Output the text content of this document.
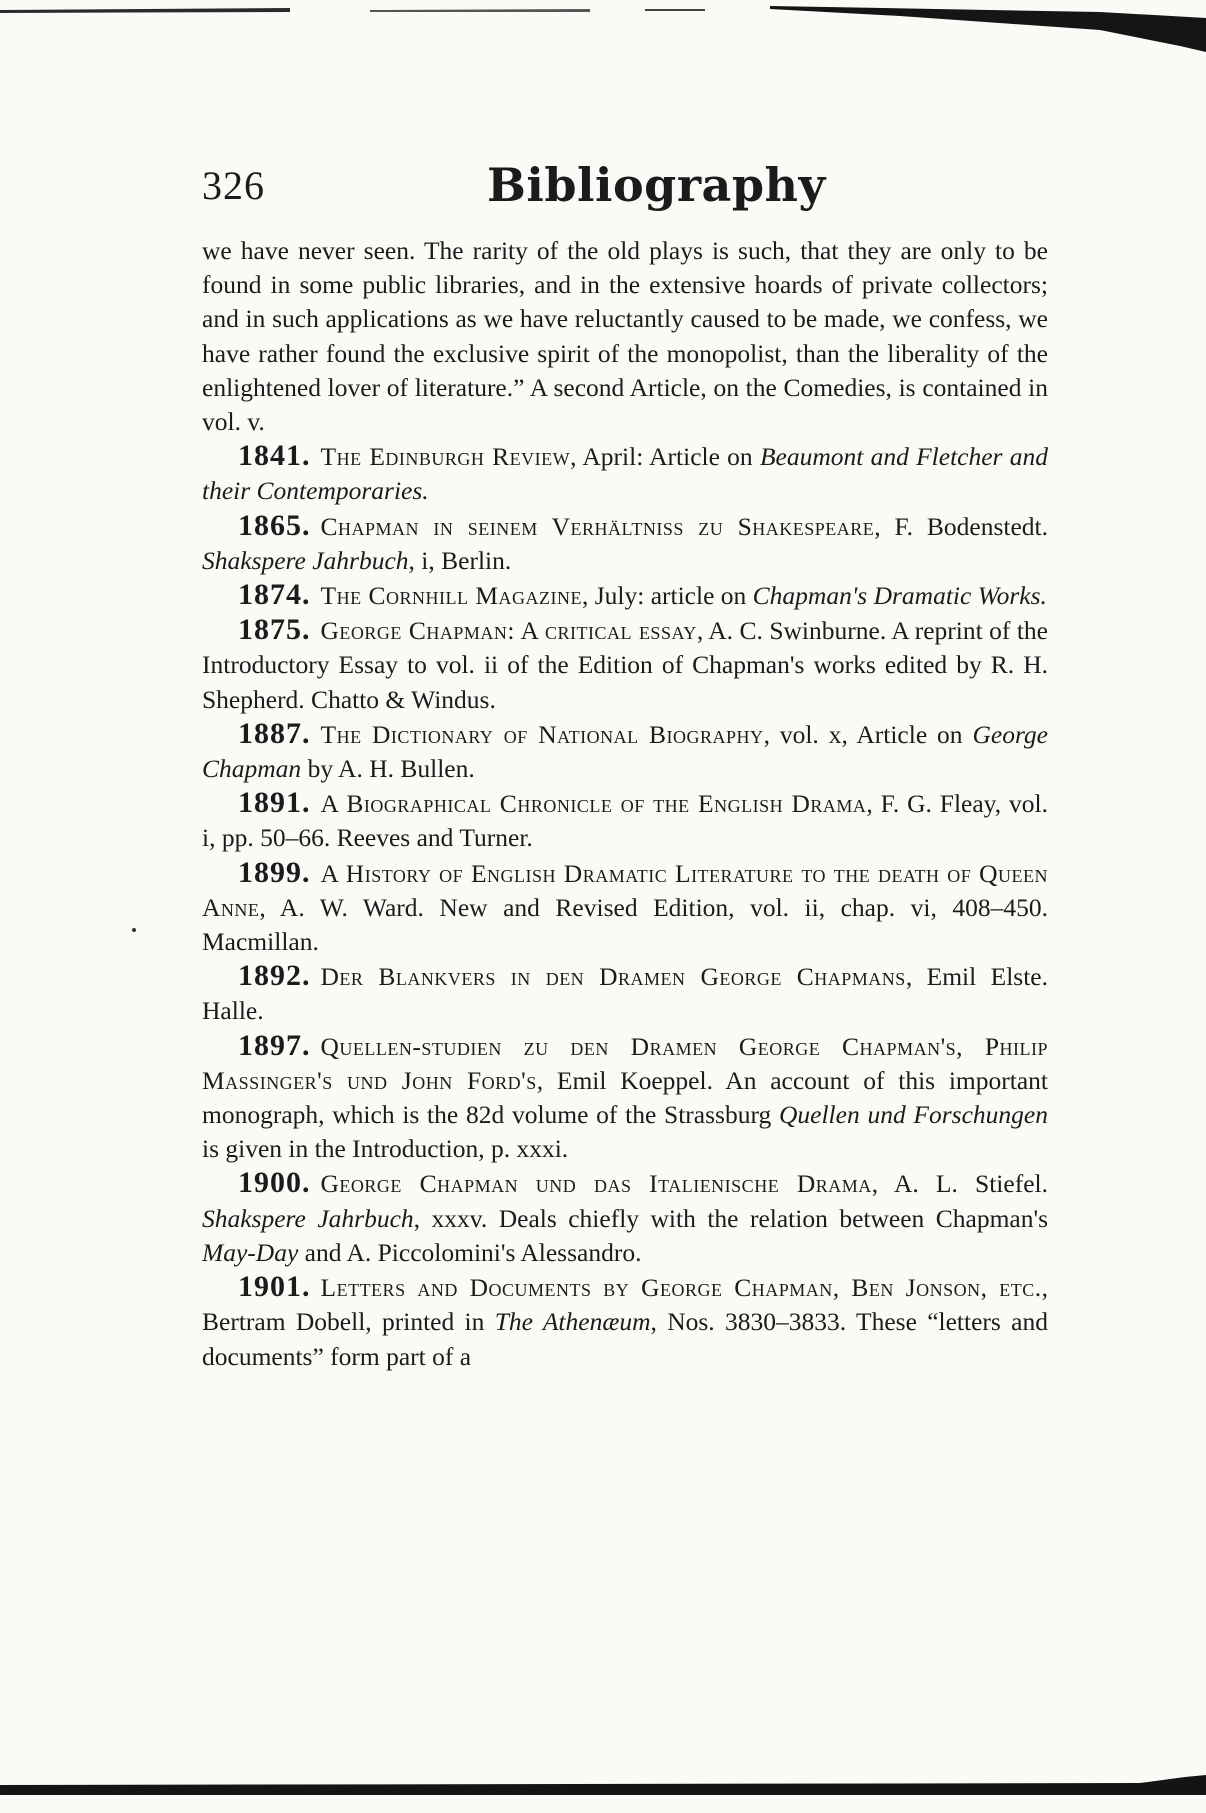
326	Bibliography

we have never seen. The rarity of the old plays is such, that they are only to be found in some public libraries, and in the extensive hoards of private collectors; and in such applications as we have reluctantly caused to be made, we confess, we have rather found the exclusive spirit of the monopolist, than the liberality of the enlightened lover of literature.” A second Article, on the Comedies, is contained in vol. v.

1841. The Edinburgh Review, April: Article on Beaumont and Fletcher and their Contemporaries.

1865. Chapman in seinem Verhältniss zu Shakespeare, F. Bodenstedt. Shakspere Jahrbuch, i, Berlin.

1874. The Cornhill Magazine, July: article on Chapman's Dramatic Works.

1875. George Chapman: A critical essay, A. C. Swinburne. A reprint of the Introductory Essay to vol. ii of the Edition of Chapman's works edited by R. H. Shepherd. Chatto & Windus.

1887. The Dictionary of National Biography, vol. x, Article on George Chapman by A. H. Bullen.

1891. A Biographical Chronicle of the English Drama, F. G. Fleay, vol. i, pp. 50–66. Reeves and Turner.

1899. A History of English Dramatic Literature to the death of Queen Anne, A. W. Ward. New and Revised Edition, vol. ii, chap. vi, 408–450. Macmillan.

1892. Der Blankvers in den Dramen George Chapmans, Emil Elste. Halle.

1897. Quellen-studien zu den Dramen George Chapman's, Philip Massinger's und John Ford's, Emil Koeppel. An account of this important monograph, which is the 82d volume of the Strassburg Quellen und Forschungen is given in the Introduction, p. xxxi.

1900. George Chapman und das Italienische Drama, A. L. Stiefel. Shakspere Jahrbuch, xxxv. Deals chiefly with the relation between Chapman's May-Day and A. Piccolomini's Alessandro.

1901. Letters and Documents by George Chapman, Ben Jonson, etc., Bertram Dobell, printed in The Athenæum, Nos. 3830–3833. These “letters and documents” form part of a
